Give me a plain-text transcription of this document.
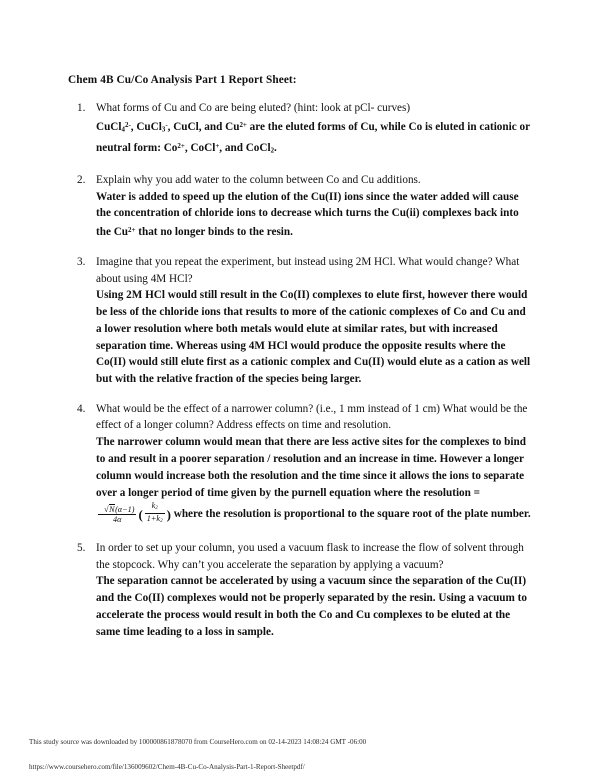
Chem 4B Cu/Co Analysis Part 1 Report Sheet:
1. What forms of Cu and Co are being eluted? (hint: look at pCl- curves)

CuCl$_4^{2-}$, CuCl$_3$-, CuCl, and $Cu^{2+}$ are the eluted forms of Cu, while Co is eluted in cationic or neutral form: $Co^{2+}$, CoCl+, and CoCl$_2$.

2. Explain why you add water to the column between Co and Cu additions.

Water is added to speed up the elution of the Cu(II) ions since the water added will cause the concentration of chloride ions to decrease which turns the Cu(ii) complexes back into the $Cu^{2+}$ that no longer binds to the resin.

3. Imagine that you repeat the experiment, but instead using 2M HCl. What would change? What about using 4M HCl?

Using 2M HCl would still result in the Co(II) complexes to elute first, however there would be less of the chloride ions that results to more of the cationic complexes of Co and Cu and a lower resolution where both metals would elute at similar rates, but with increased separation time. Whereas using 4M HCl would produce the opposite results where the Co(II) would still elute first as a cationic complex and Cu(II) would elute as a cation as well but with the relative fraction of the species being larger.

4. What would be the effect of a narrower column? (i.e., 1 mm instead of 1 cm) What would be the effect of a longer column? Address effects on time and resolution.

The narrower column would mean that there are less active sites for the complexes to bind to and result in a poorer separation / resolution and an increase in time. However a longer column would increase both the resolution and the time since it allows the ions to separate over a longer period of time given by the purnell equation where the resolution =
√ $\frac{N(\alpha-1)}{4\alpha}$ ( $\frac{k_2}{1+k_2}$ ) where the resolution is proportional to the square root of the plate number.

5. In order to set up your column, you used a vacuum flask to increase the flow of solvent through the stopcock. Why can’t you accelerate the separation by applying a vacuum?

The separation cannot be accelerated by using a vacuum since the separation of the Cu(II) and the Co(II) complexes would not be properly separated by the resin. Using a vacuum to accelerate the process would result in both the Co and Cu complexes to be eluted at the same time leading to a loss in sample.

This study source was downloaded by 100000861878070 from CourseHero.com on 02-14-2023 14:08:24 GMT -06:00
https://www.coursehero.com/file/136009602/Chem-4B-Cu-Co-Analysis-Part-1-Report-Sheetpdf/
